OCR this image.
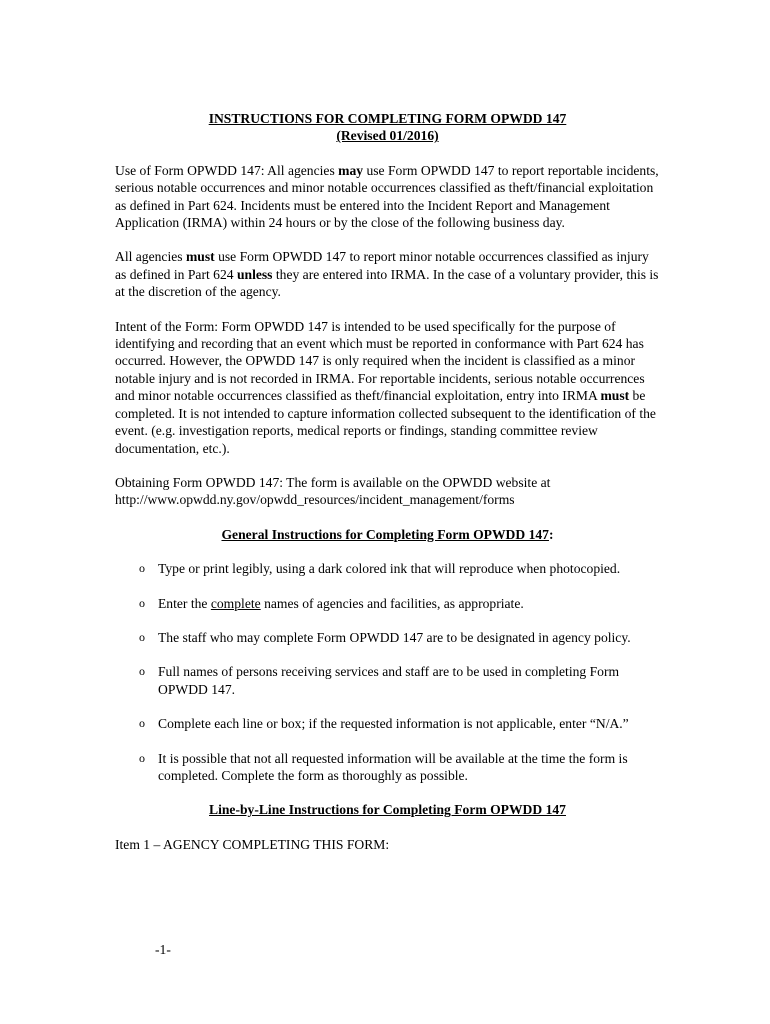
INSTRUCTIONS FOR COMPLETING FORM OPWDD 147
(Revised 01/2016)

Use of Form OPWDD 147: All agencies may use Form OPWDD 147 to report reportable incidents, serious notable occurrences and minor notable occurrences classified as theft/financial exploitation as defined in Part 624. Incidents must be entered into the Incident Report and Management Application (IRMA) within 24 hours or by the close of the following business day.

All agencies must use Form OPWDD 147 to report minor notable occurrences classified as injury as defined in Part 624 unless they are entered into IRMA. In the case of a voluntary provider, this is at the discretion of the agency.

Intent of the Form: Form OPWDD 147 is intended to be used specifically for the purpose of identifying and recording that an event which must be reported in conformance with Part 624 has occurred. However, the OPWDD 147 is only required when the incident is classified as a minor notable injury and is not recorded in IRMA. For reportable incidents, serious notable occurrences and minor notable occurrences classified as theft/financial exploitation, entry into IRMA must be completed. It is not intended to capture information collected subsequent to the identification of the event. (e.g. investigation reports, medical reports or findings, standing committee review documentation, etc.).

Obtaining Form OPWDD 147: The form is available on the OPWDD website at
http://www.opwdd.ny.gov/opwdd_resources/incident_management/forms

General Instructions for Completing Form OPWDD 147:

o Type or print legibly, using a dark colored ink that will reproduce when photocopied.
o Enter the complete names of agencies and facilities, as appropriate.
o The staff who may complete Form OPWDD 147 are to be designated in agency policy.
o Full names of persons receiving services and staff are to be used in completing Form OPWDD 147.
o Complete each line or box; if the requested information is not applicable, enter “N/A.”
o It is possible that not all requested information will be available at the time the form is completed. Complete the form as thoroughly as possible.

Line-by-Line Instructions for Completing Form OPWDD 147

Item 1 – AGENCY COMPLETING THIS FORM:

-1-
